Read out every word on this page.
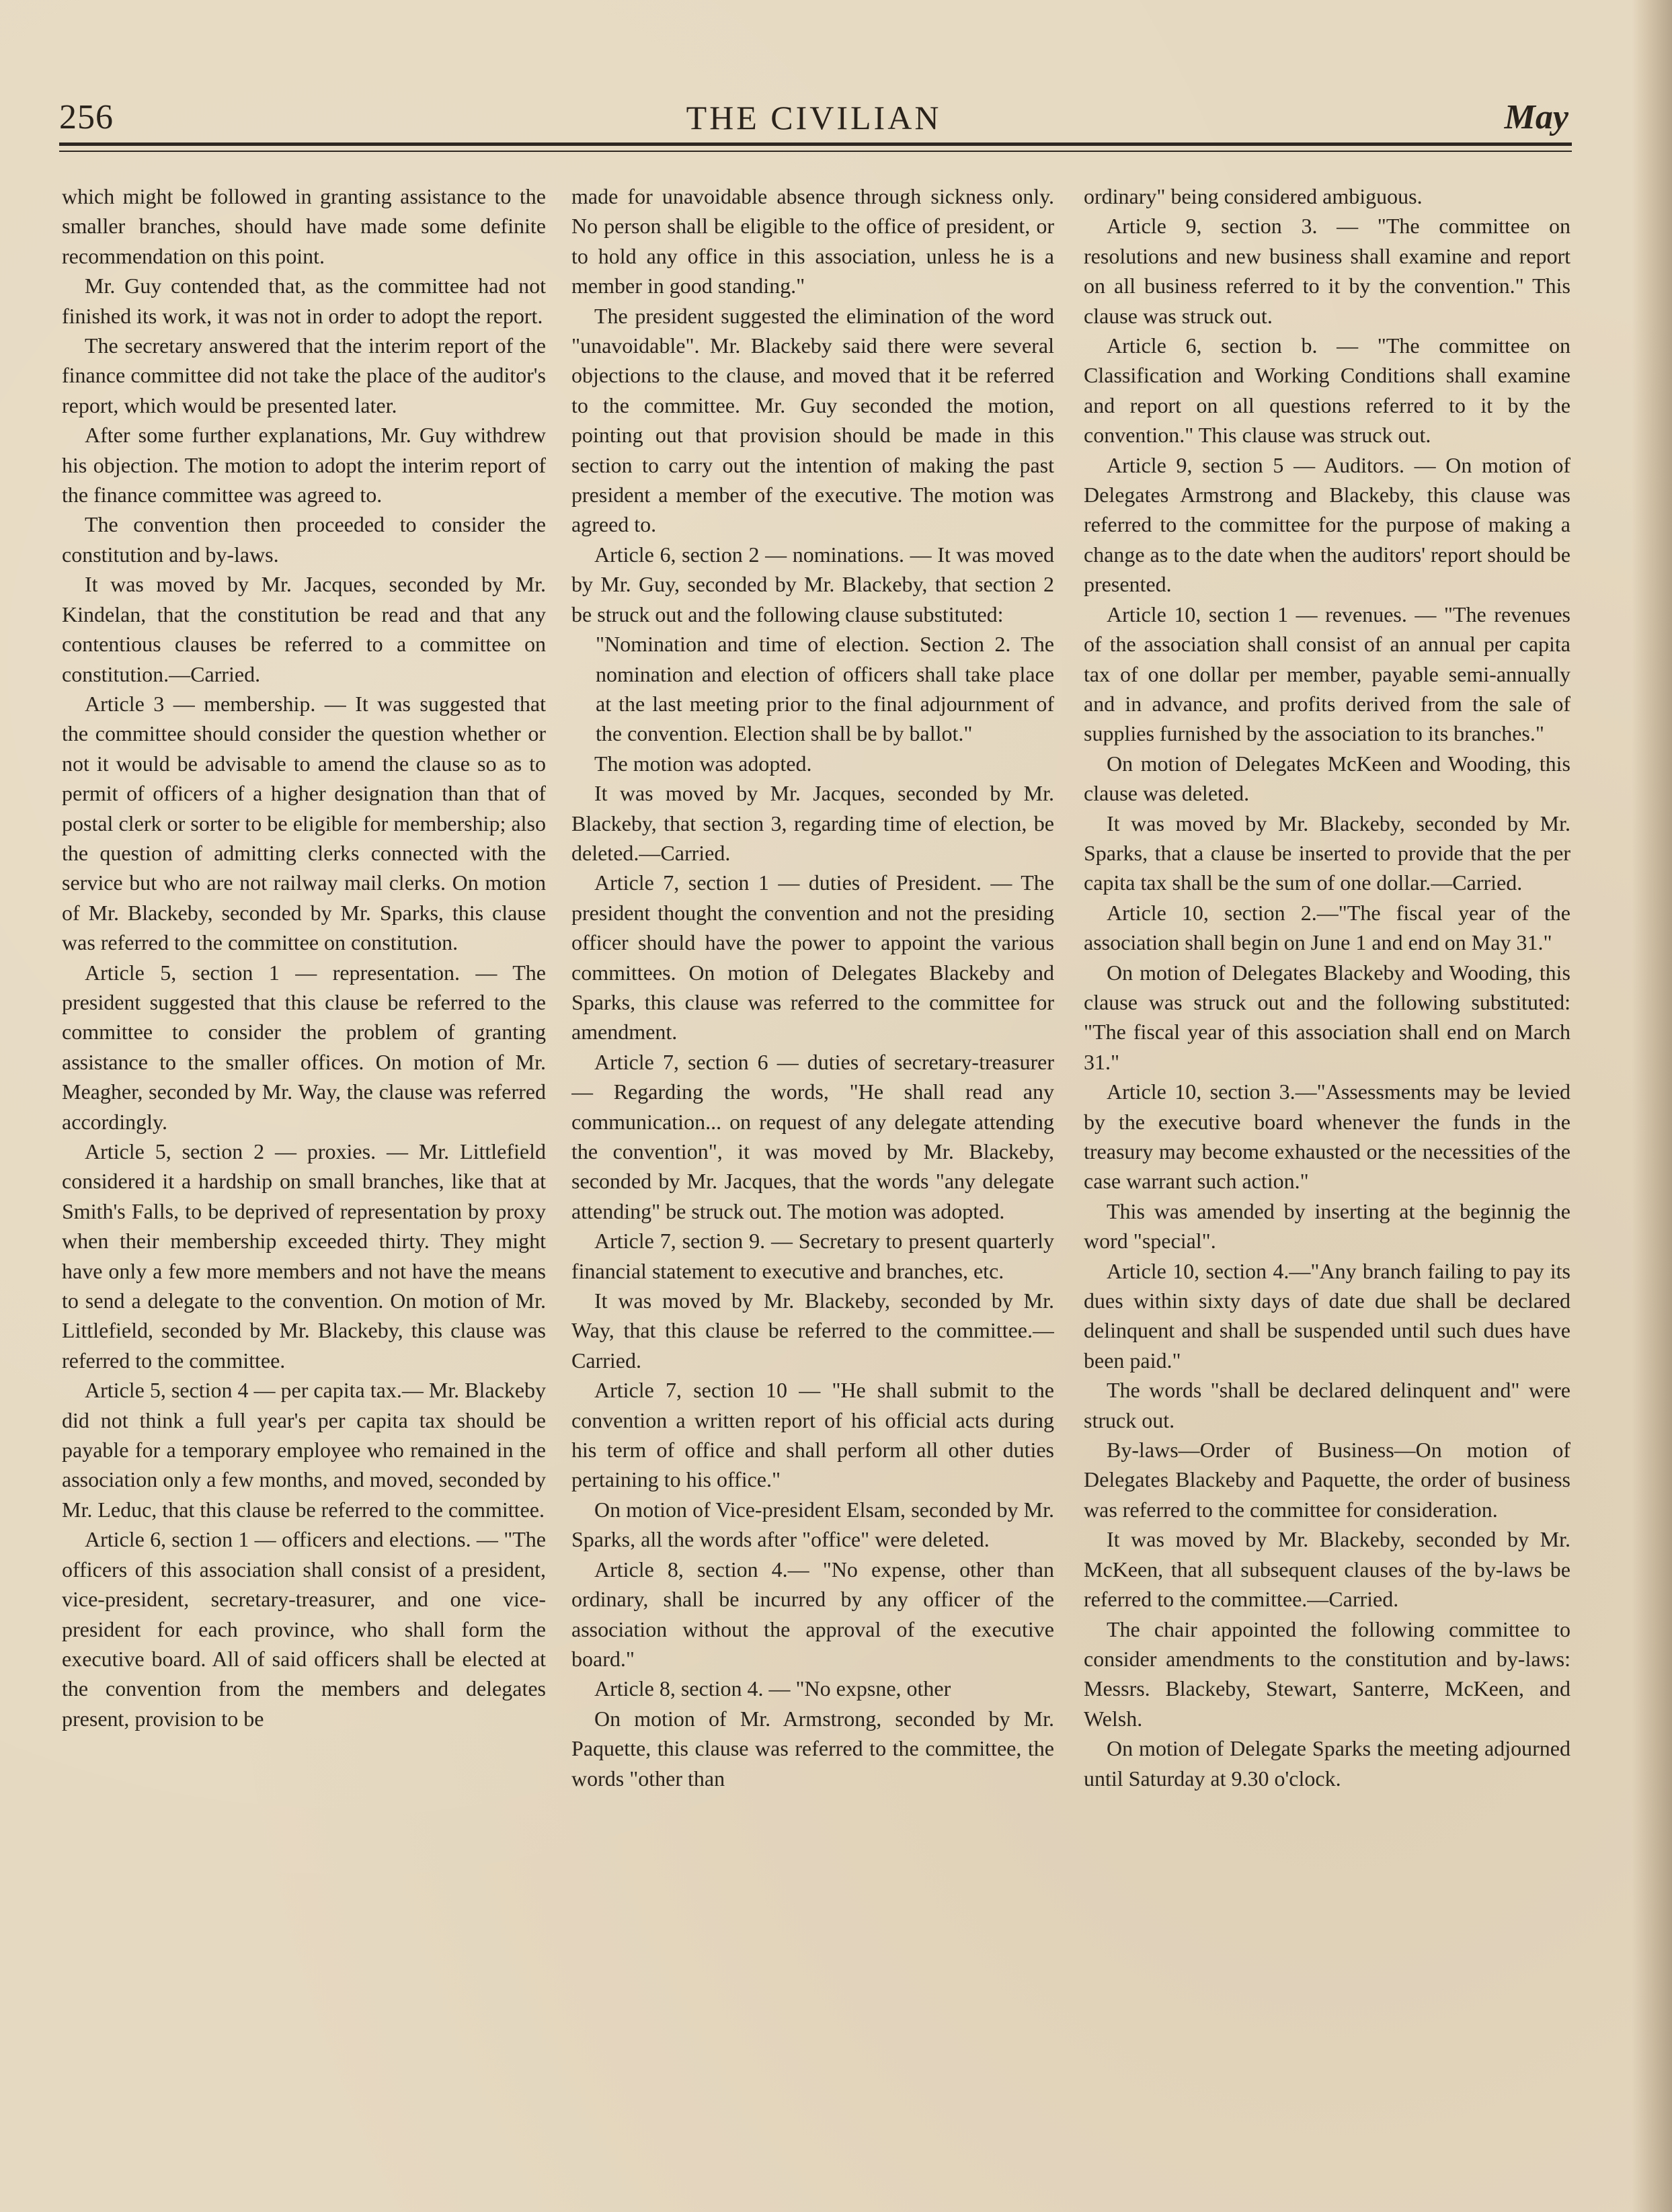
256	THE CIVILIAN	May

which might be followed in granting assistance to the smaller branches, should have made some definite recommendation on this point.

Mr. Guy contended that, as the committee had not finished its work, it was not in order to adopt the report.

The secretary answered that the interim report of the finance committee did not take the place of the auditor's report, which would be presented later.

After some further explanations, Mr. Guy withdrew his objection. The motion to adopt the interim report of the finance committee was agreed to.

The convention then proceeded to consider the constitution and by-laws.

It was moved by Mr. Jacques, seconded by Mr. Kindelan, that the constitution be read and that any contentious clauses be referred to a committee on constitution.—Carried.

Article 3 — membership. — It was suggested that the committee should consider the question whether or not it would be advisable to amend the clause so as to permit of officers of a higher designation than that of postal clerk or sorter to be eligible for membership; also the question of admitting clerks connected with the service but who are not railway mail clerks. On motion of Mr. Blackeby, seconded by Mr. Sparks, this clause was referred to the committee on constitution.

Article 5, section 1 — representation. — The president suggested that this clause be referred to the committee to consider the problem of granting assistance to the smaller offices. On motion of Mr. Meagher, seconded by Mr. Way, the clause was referred accordingly.

Article 5, section 2 — proxies. — Mr. Littlefield considered it a hardship on small branches, like that at Smith's Falls, to be deprived of representation by proxy when their membership exceeded thirty. They might have only a few more members and not have the means to send a delegate to the convention. On motion of Mr. Littlefield, seconded by Mr. Blackeby, this clause was referred to the committee.

Article 5, section 4 — per capita tax.— Mr. Blackeby did not think a full year's per capita tax should be payable for a temporary employee who remained in the association only a few months, and moved, seconded by Mr. Leduc, that this clause be referred to the committee.

Article 6, section 1 — officers and elections. — "The officers of this association shall consist of a president, vice-president, secretary-treasurer, and one vice-president for each province, who shall form the executive board. All of said officers shall be elected at the convention from the members and delegates present, provision to be

made for unavoidable absence through sickness only. No person shall be eligible to the office of president, or to hold any office in this association, unless he is a member in good standing."

The president suggested the elimination of the word "unavoidable". Mr. Blackeby said there were several objections to the clause, and moved that it be referred to the committee. Mr. Guy seconded the motion, pointing out that provision should be made in this section to carry out the intention of making the past president a member of the executive. The motion was agreed to.

Article 6, section 2 — nominations. — It was moved by Mr. Guy, seconded by Mr. Blackeby, that section 2 be struck out and the following clause substituted:

"Nomination and time of election. Section 2. The nomination and election of officers shall take place at the last meeting prior to the final adjournment of the convention. Election shall be by ballot."

The motion was adopted.

It was moved by Mr. Jacques, seconded by Mr. Blackeby, that section 3, regarding time of election, be deleted.—Carried.

Article 7, section 1 — duties of President. — The president thought the convention and not the presiding officer should have the power to appoint the various committees. On motion of Delegates Blackeby and Sparks, this clause was referred to the committee for amendment.

Article 7, section 6 — duties of secretary-treasurer — Regarding the words, "He shall read any communication... on request of any delegate attending the convention", it was moved by Mr. Blackeby, seconded by Mr. Jacques, that the words "any delegate attending" be struck out. The motion was adopted.

Article 7, section 9. — Secretary to present quarterly financial statement to executive and branches, etc.

It was moved by Mr. Blackeby, seconded by Mr. Way, that this clause be referred to the committee.—Carried.

Article 7, section 10 — "He shall submit to the convention a written report of his official acts during his term of office and shall perform all other duties pertaining to his office."

On motion of Vice-president Elsam, seconded by Mr. Sparks, all the words after "office" were deleted.

Article 8, section 4.— "No expense, other than ordinary, shall be incurred by any officer of the association without the approval of the executive board."

Article 8, section 4. — "No expsne, other

On motion of Mr. Armstrong, seconded by Mr. Paquette, this clause was referred to the committee, the words "other than

ordinary" being considered ambiguous.

Article 9, section 3. — "The committee on resolutions and new business shall examine and report on all business referred to it by the convention." This clause was struck out.

Article 6, section b. — "The committee on Classification and Working Conditions shall examine and report on all questions referred to it by the convention." This clause was struck out.

Article 9, section 5 — Auditors. — On motion of Delegates Armstrong and Blackeby, this clause was referred to the committee for the purpose of making a change as to the date when the auditors' report should be presented.

Article 10, section 1 — revenues. — "The revenues of the association shall consist of an annual per capita tax of one dollar per member, payable semi-annually and in advance, and profits derived from the sale of supplies furnished by the association to its branches."

On motion of Delegates McKeen and Wooding, this clause was deleted.

It was moved by Mr. Blackeby, seconded by Mr. Sparks, that a clause be inserted to provide that the per capita tax shall be the sum of one dollar.—Carried.

Article 10, section 2.—"The fiscal year of the association shall begin on June 1 and end on May 31."

On motion of Delegates Blackeby and Wooding, this clause was struck out and the following substituted: "The fiscal year of this association shall end on March 31."

Article 10, section 3.—"Assessments may be levied by the executive board whenever the funds in the treasury may become exhausted or the necessities of the case warrant such action."

This was amended by inserting at the beginnig the word "special".

Article 10, section 4.—"Any branch failing to pay its dues within sixty days of date due shall be declared delinquent and shall be suspended until such dues have been paid."

The words "shall be declared delinquent and" were struck out.

By-laws—Order of Business—On motion of Delegates Blackeby and Paquette, the order of business was referred to the committee for consideration.

It was moved by Mr. Blackeby, seconded by Mr. McKeen, that all subsequent clauses of the by-laws be referred to the committee.—Carried.

The chair appointed the following committee to consider amendments to the constitution and by-laws: Messrs. Blackeby, Stewart, Santerre, McKeen, and Welsh.

On motion of Delegate Sparks the meeting adjourned until Saturday at 9.30 o'clock.
